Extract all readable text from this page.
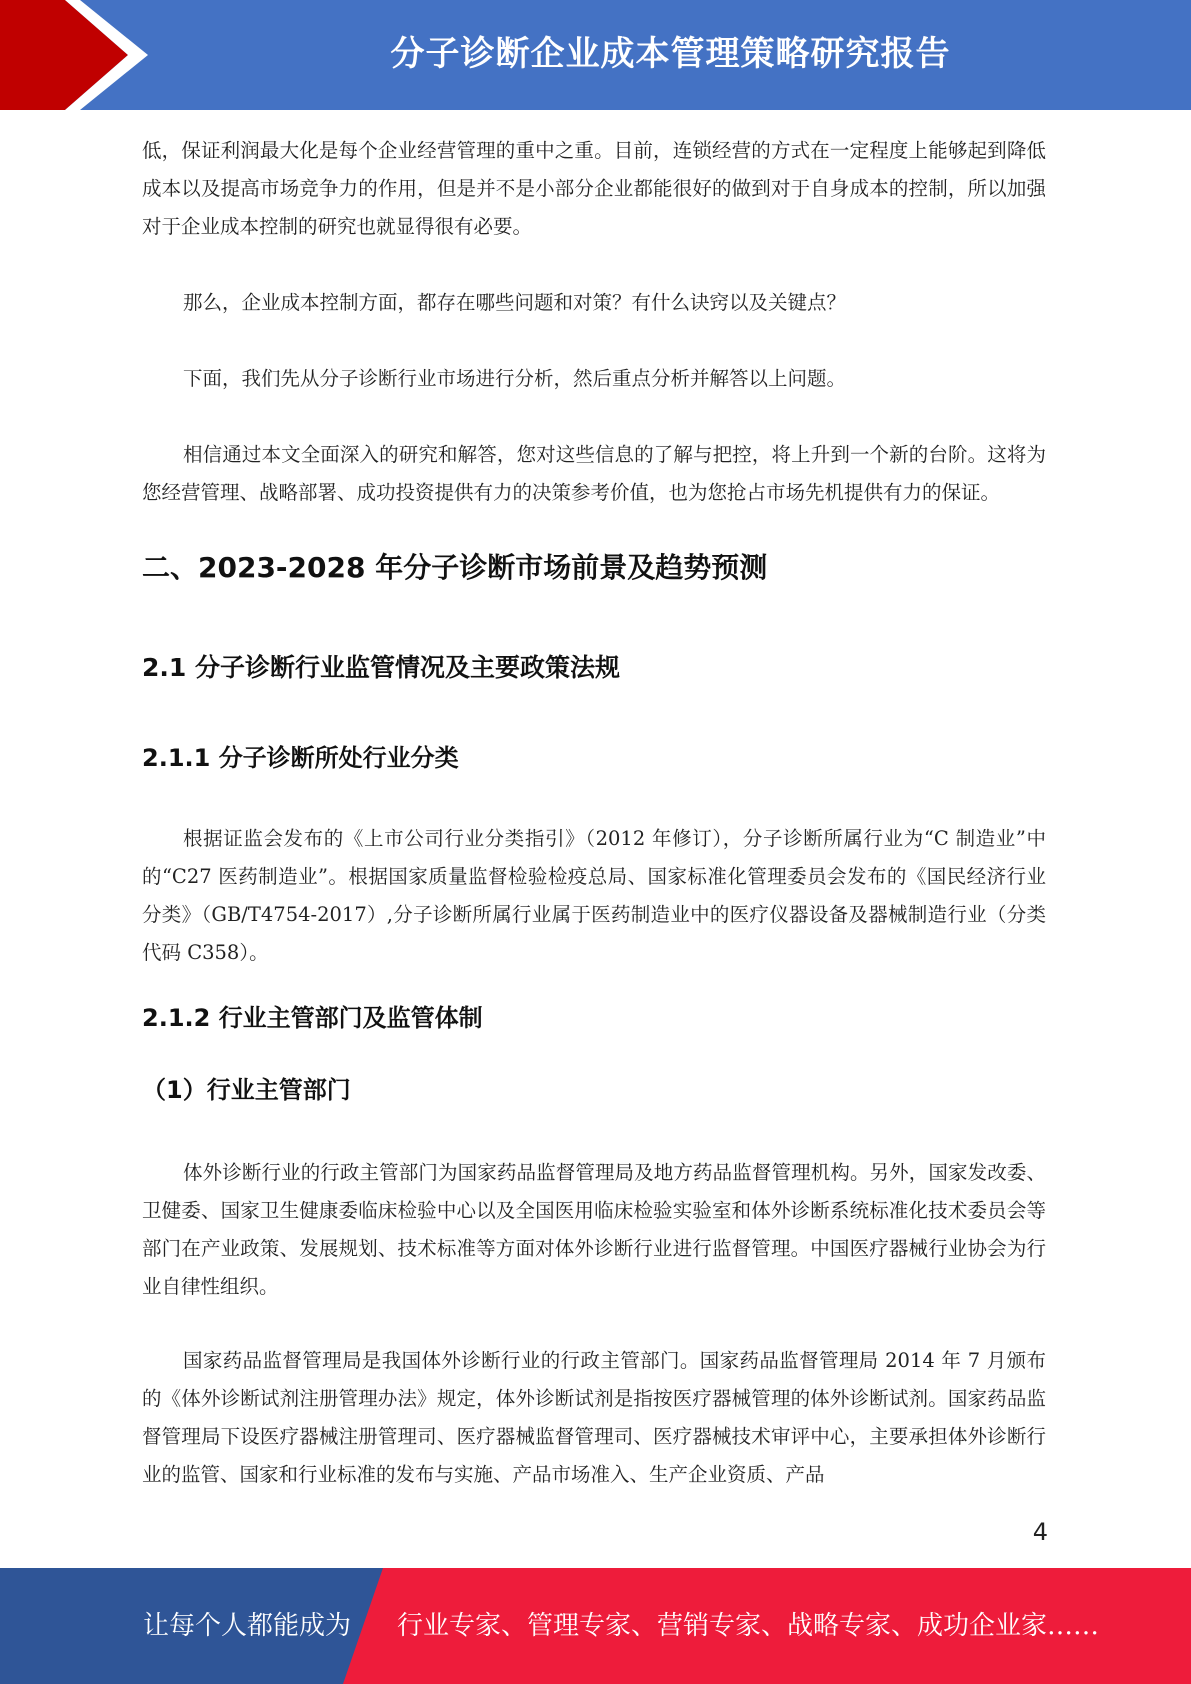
分子诊断企业成本管理策略研究报告

低，保证利润最大化是每个企业经营管理的重中之重。目前，连锁经营的方式在一定程度上能够起到降低成本以及提高市场竞争力的作用，但是并不是小部分企业都能很好的做到对于自身成本的控制，所以加强对于企业成本控制的研究也就显得很有必要。

那么，企业成本控制方面，都存在哪些问题和对策？有什么诀窍以及关键点？

下面，我们先从分子诊断行业市场进行分析，然后重点分析并解答以上问题。

相信通过本文全面深入的研究和解答，您对这些信息的了解与把控，将上升到一个新的台阶。这将为您经营管理、战略部署、成功投资提供有力的决策参考价值，也为您抢占市场先机提供有力的保证。

二、2023-2028 年分子诊断市场前景及趋势预测
2.1 分子诊断行业监管情况及主要政策法规
2.1.1 分子诊断所处行业分类

根据证监会发布的《上市公司行业分类指引》（2012 年修订），分子诊断所属行业为“C 制造业”中的“C27 医药制造业”。根据国家质量监督检验检疫总局、国家标准化管理委员会发布的《国民经济行业分类》（GB/T4754-2017）,分子诊断所属行业属于医药制造业中的医疗仪器设备及器械制造行业（分类代码 C358）。

2.1.2 行业主管部门及监管体制
（1）行业主管部门

体外诊断行业的行政主管部门为国家药品监督管理局及地方药品监督管理机构。另外，国家发改委、卫健委、国家卫生健康委临床检验中心以及全国医用临床检验实验室和体外诊断系统标准化技术委员会等部门在产业政策、发展规划、技术标准等方面对体外诊断行业进行监督管理。中国医疗器械行业协会为行业自律性组织。

国家药品监督管理局是我国体外诊断行业的行政主管部门。国家药品监督管理局 2014 年 7 月颁布的《体外诊断试剂注册管理办法》规定，体外诊断试剂是指按医疗器械管理的体外诊断试剂。国家药品监督管理局下设医疗器械注册管理司、医疗器械监督管理司、医疗器械技术审评中心，主要承担体外诊断行业的监管、国家和行业标准的发布与实施、产品市场准入、生产企业资质、产品

4
让每个人都能成为 行业专家、管理专家、营销专家、战略专家、成功企业家……
